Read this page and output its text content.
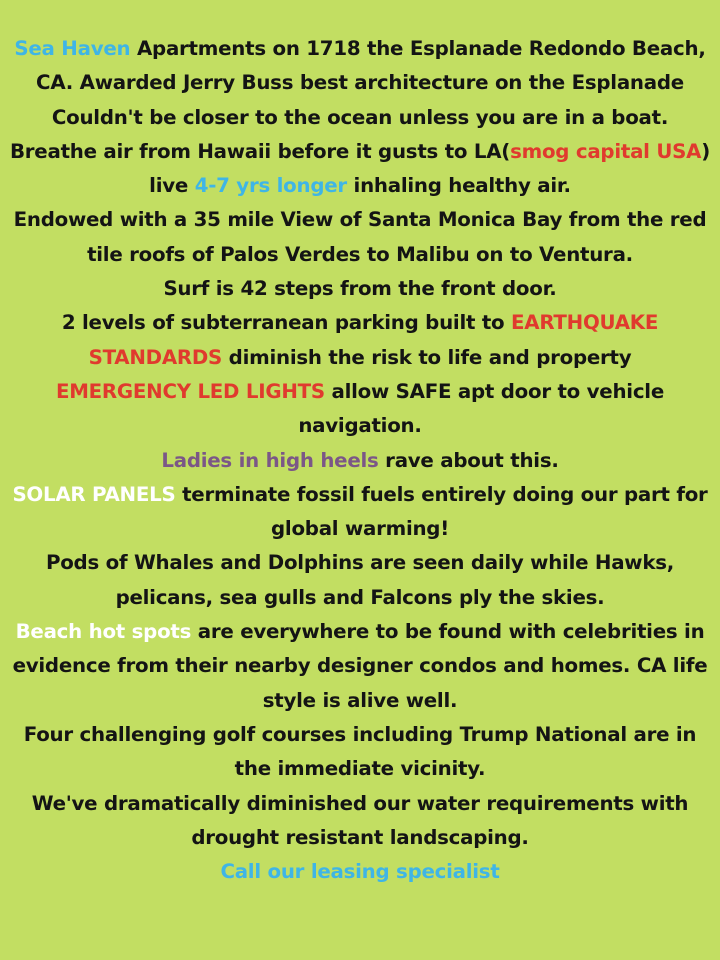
Sea Haven Apartments on 1718 the Esplanade Redondo Beach, CA. Awarded Jerry Buss best architecture on the Esplanade

Couldn't be closer to the ocean unless you are in a boat.

Breathe air from Hawaii before it gusts to LA(smog capital USA) live 4-7 yrs longer inhaling healthy air.

Endowed with a 35 mile View of Santa Monica Bay from the red tile roofs of Palos Verdes to Malibu on to Ventura.

Surf is 42 steps from the front door.

2 levels of subterranean parking built to EARTHQUAKE STANDARDS diminish the risk to life and property

EMERGENCY LED LIGHTS allow SAFE apt door to vehicle navigation.

Ladies in high heels rave about this.

SOLAR PANELS terminate fossil fuels entirely doing our part for global warming!

Pods of Whales and Dolphins are seen daily while Hawks, pelicans, sea gulls and Falcons ply the skies.

Beach hot spots are everywhere to be found with celebrities in evidence from their nearby designer condos and homes. CA life style is alive well.

Four challenging golf courses including Trump National are in the immediate vicinity.

We've dramatically diminished our water requirements with drought resistant landscaping.

Call our leasing specialist
